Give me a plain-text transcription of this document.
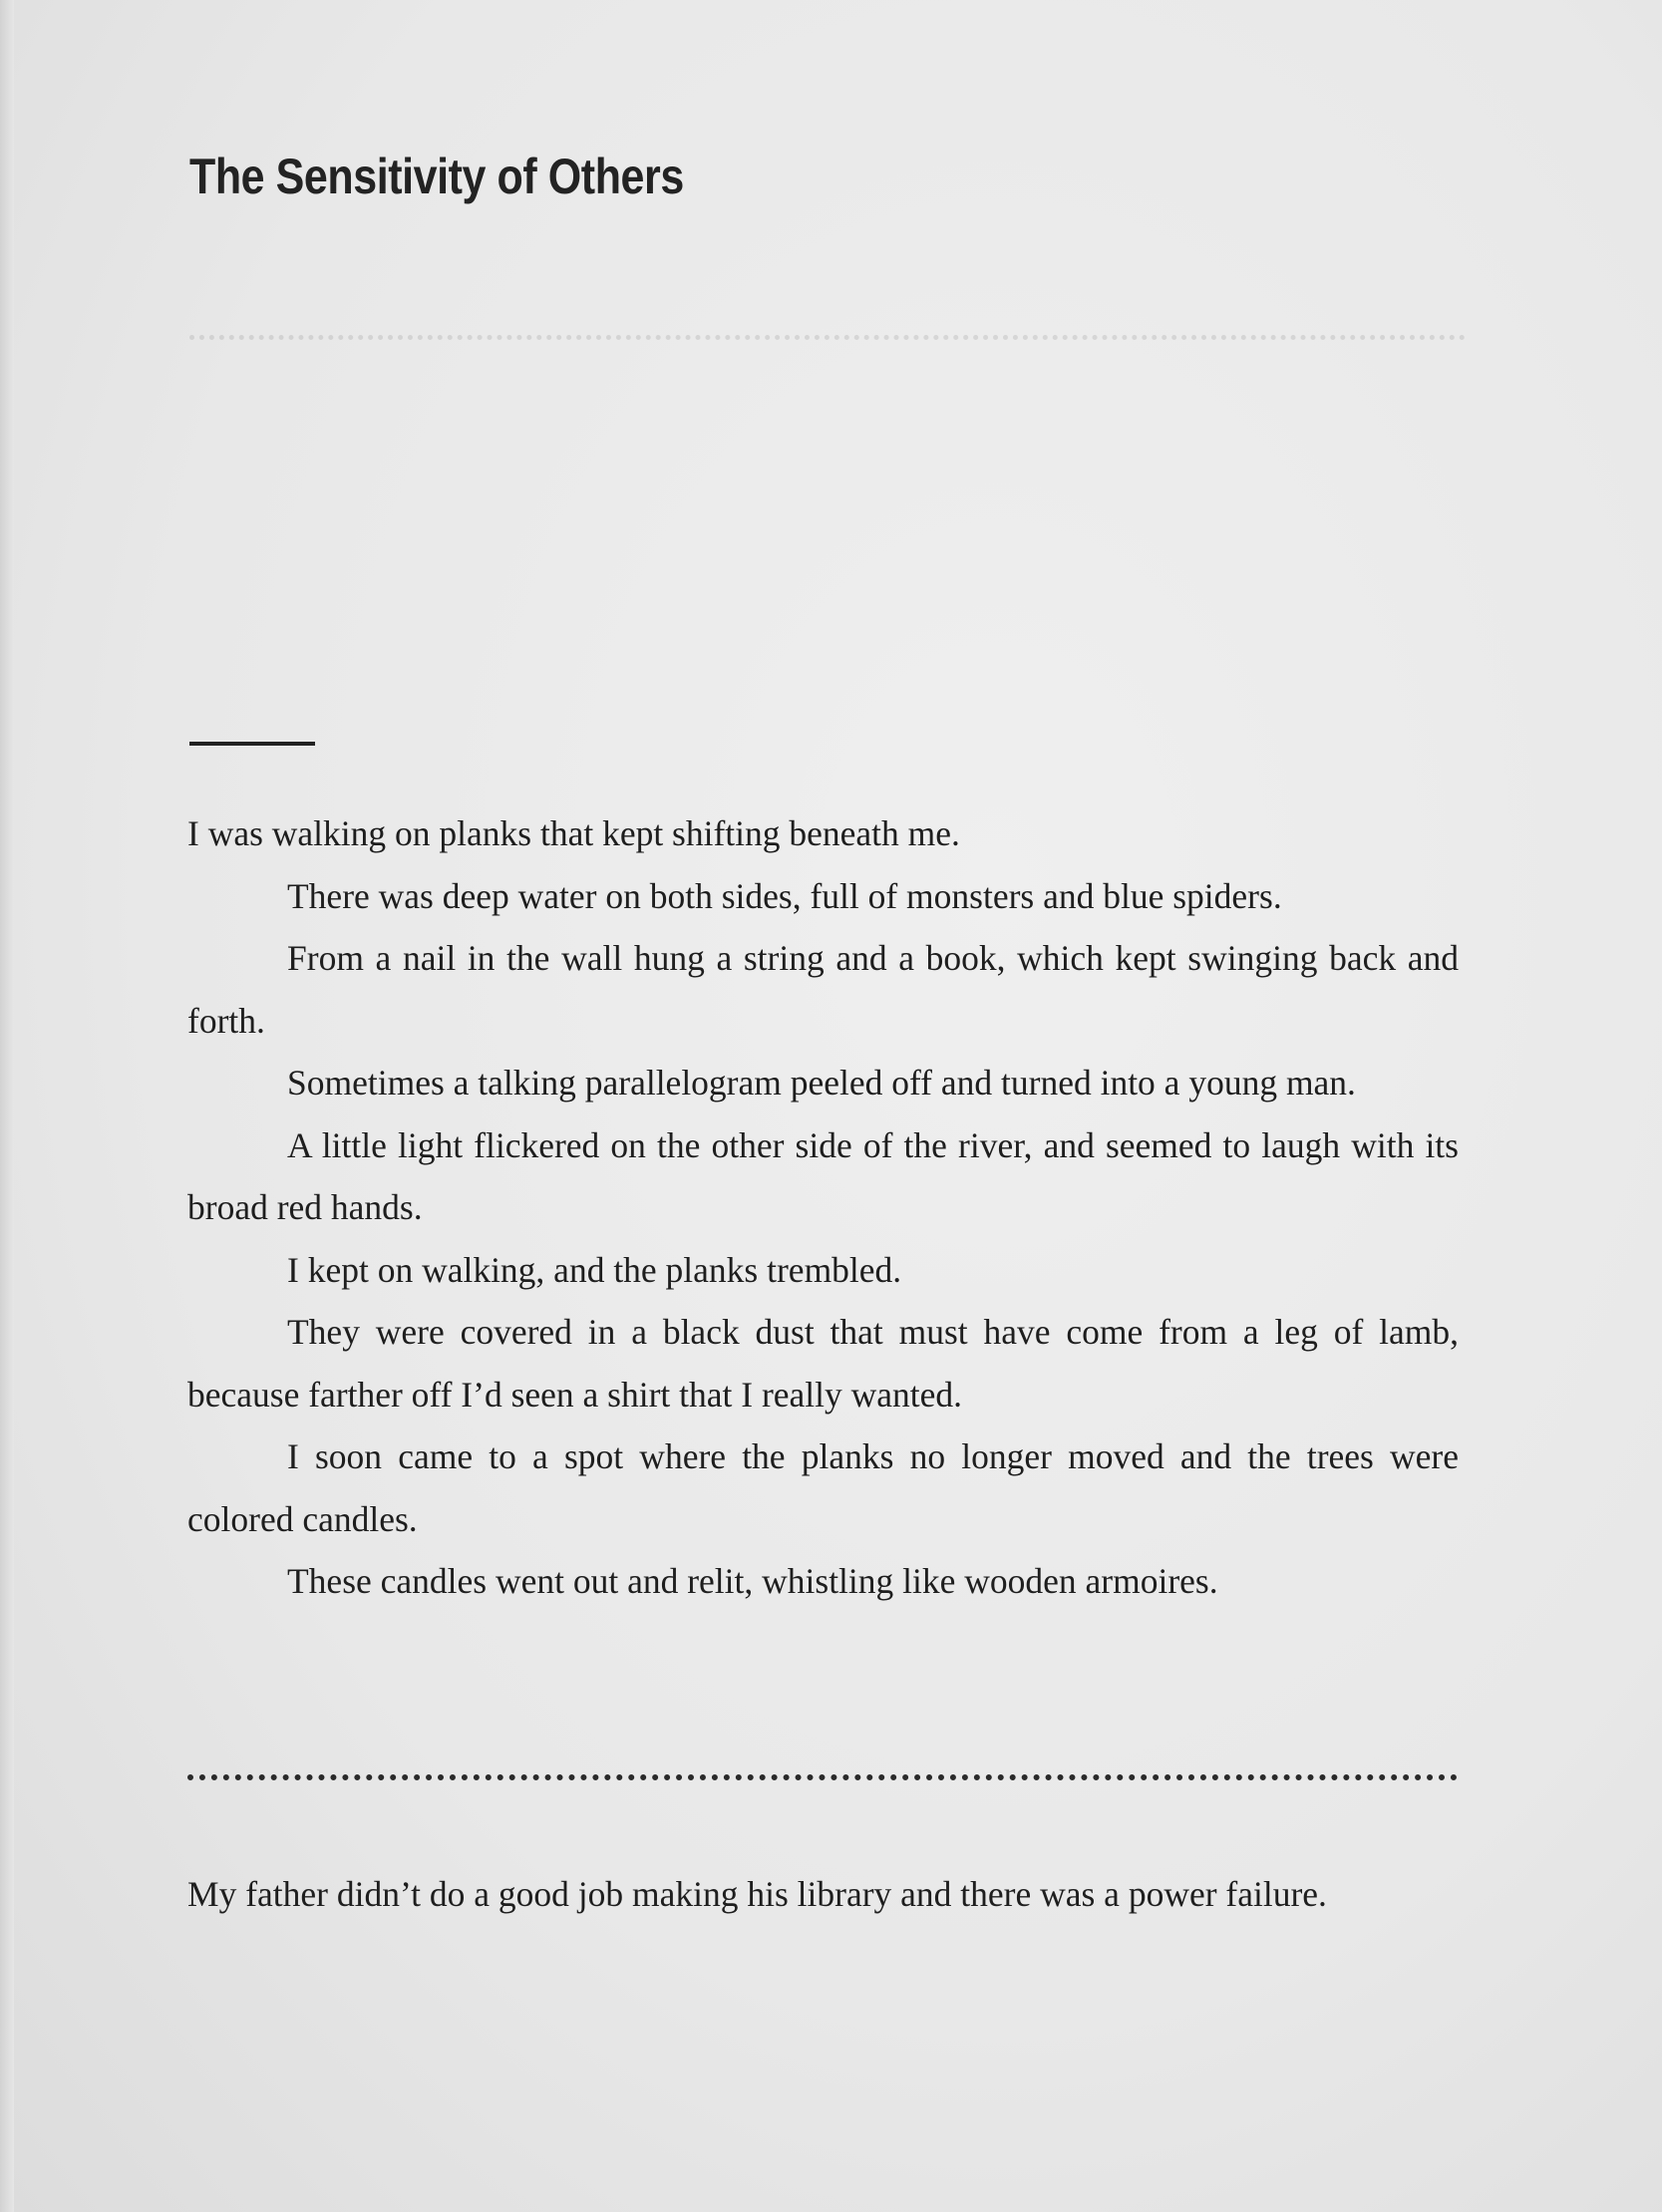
The Sensitivity of Others

I was walking on planks that kept shifting beneath me.

There was deep water on both sides, full of monsters and blue spiders.

From a nail in the wall hung a string and a book, which kept swinging back and forth.

Sometimes a talking parallelogram peeled off and turned into a young man.

A little light flickered on the other side of the river, and seemed to laugh with its broad red hands.

I kept on walking, and the planks trembled.

They were covered in a black dust that must have come from a leg of lamb, because farther off I’d seen a shirt that I really wanted.

I soon came to a spot where the planks no longer moved and the trees were colored candles.

These candles went out and relit, whistling like wooden armoires.

My father didn’t do a good job making his library and there was a power failure.
